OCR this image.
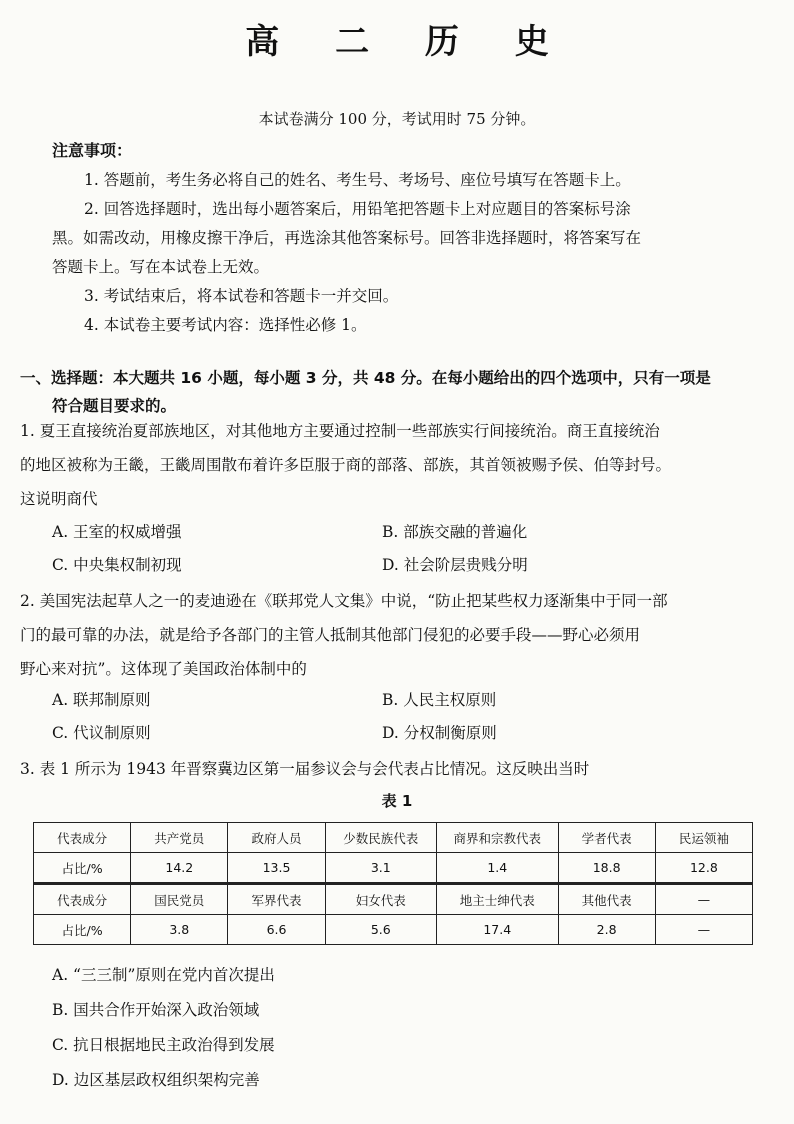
高 二 历 史
本试卷满分 100 分，考试用时 75 分钟。
注意事项：

1. 答题前，考生务必将自己的姓名、考生号、考场号、座位号填写在答题卡上。

2. 回答选择题时，选出每小题答案后，用铅笔把答题卡上对应题目的答案标号涂

黑。如需改动，用橡皮擦干净后，再选涂其他答案标号。回答非选择题时，将答案写在

答题卡上。写在本试卷上无效。

3. 考试结束后，将本试卷和答题卡一并交回。

4. 本试卷主要考试内容：选择性必修 1。

一、选择题：本大题共 16 小题，每小题 3 分，共 48 分。在每小题给出的四个选项中，只有一项是
符合题目要求的。
1. 夏王直接统治夏部族地区，对其他地方主要通过控制一些部族实行间接统治。商王直接统治
的地区被称为王畿，王畿周围散布着许多臣服于商的部落、部族，其首领被赐予侯、伯等封号。
这说明商代
A. 王室的权威增强	B. 部族交融的普遍化
C. 中央集权制初现	D. 社会阶层贵贱分明
2. 美国宪法起草人之一的麦迪逊在《联邦党人文集》中说，“防止把某些权力逐渐集中于同一部
门的最可靠的办法，就是给予各部门的主管人抵制其他部门侵犯的必要手段——野心必须用
野心来对抗”。这体现了美国政治体制中的
A. 联邦制原则	B. 人民主权原则
C. 代议制原则	D. 分权制衡原则
3. 表 1 所示为 1943 年晋察冀边区第一届参议会与会代表占比情况。这反映出当时
表 1
代表成分	共产党员	政府人员	少数民族代表	商界和宗教代表	学者代表	民运领袖
占比/%	14.2	13.5	3.1	1.4	18.8	12.8
代表成分	国民党员	军界代表	妇女代表	地主士绅代表	其他代表	—
占比/%	3.8	6.6	5.6	17.4	2.8	—
A. “三三制”原则在党内首次提出
B. 国共合作开始深入政治领域
C. 抗日根据地民主政治得到发展
D. 边区基层政权组织架构完善
